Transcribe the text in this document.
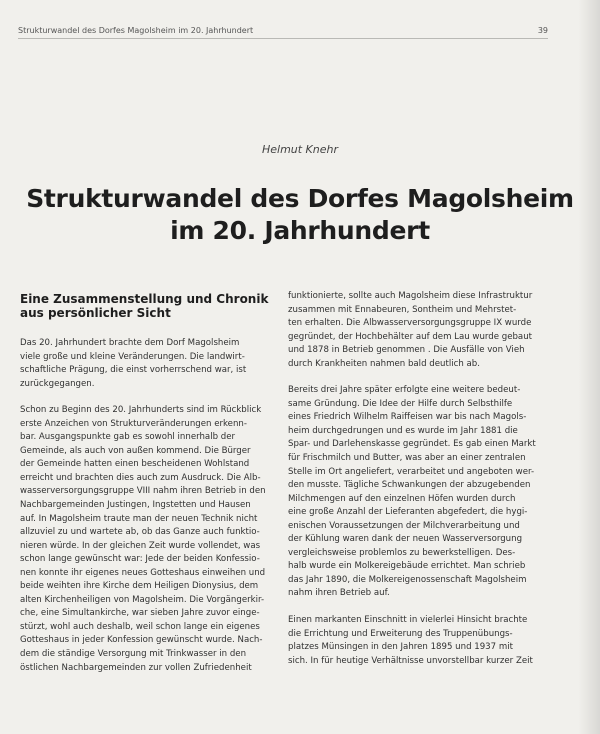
Strukturwandel des Dorfes Magolsheim im 20. Jahrhundert	39
Helmut Knehr
Strukturwandel des Dorfes Magolsheim
im 20. Jahrhundert
Eine Zusammenstellung und Chronik
aus persönlicher Sicht

Das 20. Jahrhundert brachte dem Dorf Magolsheim
viele große und kleine Veränderungen. Die landwirt-
schaftliche Prägung, die einst vorherrschend war, ist
zurückgegangen.

Schon zu Beginn des 20. Jahrhunderts sind im Rückblick
erste Anzeichen von Strukturveränderungen erkenn-
bar. Ausgangspunkte gab es sowohl innerhalb der
Gemeinde, als auch von außen kommend. Die Bürger
der Gemeinde hatten einen bescheidenen Wohlstand
erreicht und brachten dies auch zum Ausdruck. Die Alb-
wasserversorgungsgruppe VIII nahm ihren Betrieb in den
Nachbargemeinden Justingen, Ingstetten und Hausen
auf. In Magolsheim traute man der neuen Technik nicht
allzuviel zu und wartete ab, ob das Ganze auch funktio-
nieren würde. In der gleichen Zeit wurde vollendet, was
schon lange gewünscht war: Jede der beiden Konfessio-
nen konnte ihr eigenes neues Gotteshaus einweihen und
beide weihten ihre Kirche dem Heiligen Dionysius, dem
alten Kirchenheiligen von Magolsheim. Die Vorgängerkir-
che, eine Simultankirche, war sieben Jahre zuvor einge-
stürzt, wohl auch deshalb, weil schon lange ein eigenes
Gotteshaus in jeder Konfession gewünscht wurde. Nach-
dem die ständige Versorgung mit Trinkwasser in den
östlichen Nachbargemeinden zur vollen Zufriedenheit

funktionierte, sollte auch Magolsheim diese Infrastruktur
zusammen mit Ennabeuren, Sontheim und Mehrstet-
ten erhalten. Die Albwasserversorgungsgruppe IX wurde
gegründet, der Hochbehälter auf dem Lau wurde gebaut
und 1878 in Betrieb genommen . Die Ausfälle von Vieh
durch Krankheiten nahmen bald deutlich ab.

Bereits drei Jahre später erfolgte eine weitere bedeut-
same Gründung. Die Idee der Hilfe durch Selbsthilfe
eines Friedrich Wilhelm Raiffeisen war bis nach Magols-
heim durchgedrungen und es wurde im Jahr 1881 die
Spar- und Darlehenskasse gegründet. Es gab einen Markt
für Frischmilch und Butter, was aber an einer zentralen
Stelle im Ort angeliefert, verarbeitet und angeboten wer-
den musste. Tägliche Schwankungen der abzugebenden
Milchmengen auf den einzelnen Höfen wurden durch
eine große Anzahl der Lieferanten abgefedert, die hygi-
enischen Voraussetzungen der Milchverarbeitung und
der Kühlung waren dank der neuen Wasserversorgung
vergleichsweise problemlos zu bewerkstelligen. Des-
halb wurde ein Molkereigebäude errichtet. Man schrieb
das Jahr 1890, die Molkereigenossenschaft Magolsheim
nahm ihren Betrieb auf.

Einen markanten Einschnitt in vielerlei Hinsicht brachte
die Errichtung und Erweiterung des Truppenübungs-
platzes Münsingen in den Jahren 1895 und 1937 mit
sich. In für heutige Verhältnisse unvorstellbar kurzer Zeit
